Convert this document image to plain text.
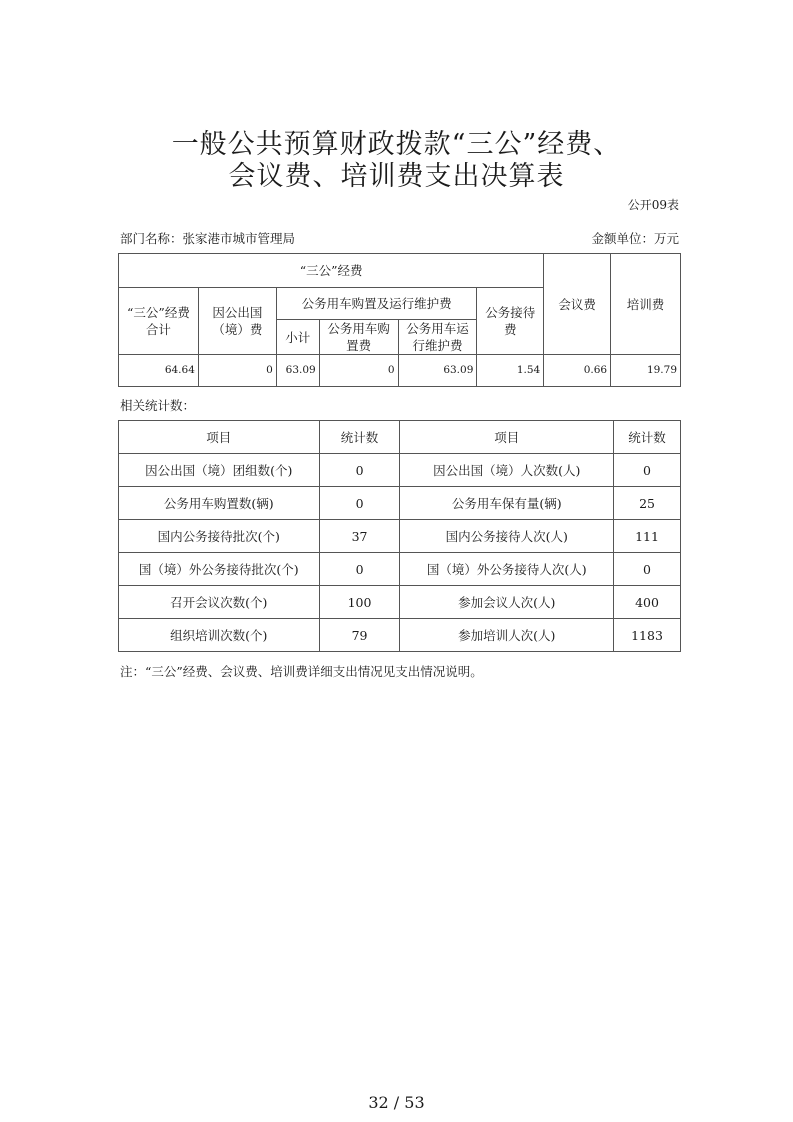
一般公共预算财政拨款“三公”经费、
会议费、培训费支出决算表
公开09表
部门名称：张家港市城市管理局	金额单位：万元
“三公”经费						会议费	培训费
“三公”经费合计	因公出国（境）费	公务用车购置及运行维护费			公务接待费		
		小计	公务用车购置费	公务用车运行维护费			
64.64	0	63.09	0	63.09	1.54	0.66	19.79
相关统计数：
项目	统计数	项目	统计数
因公出国（境）团组数(个)	0	因公出国（境）人次数(人)	0
公务用车购置数(辆)	0	公务用车保有量(辆)	25
国内公务接待批次(个)	37	国内公务接待人次(人)	111
国（境）外公务接待批次(个)	0	国（境）外公务接待人次(人)	0
召开会议次数(个)	100	参加会议人次(人)	400
组织培训次数(个)	79	参加培训人次(人)	1183
注：“三公”经费、会议费、培训费详细支出情况见支出情况说明。
32 / 53
